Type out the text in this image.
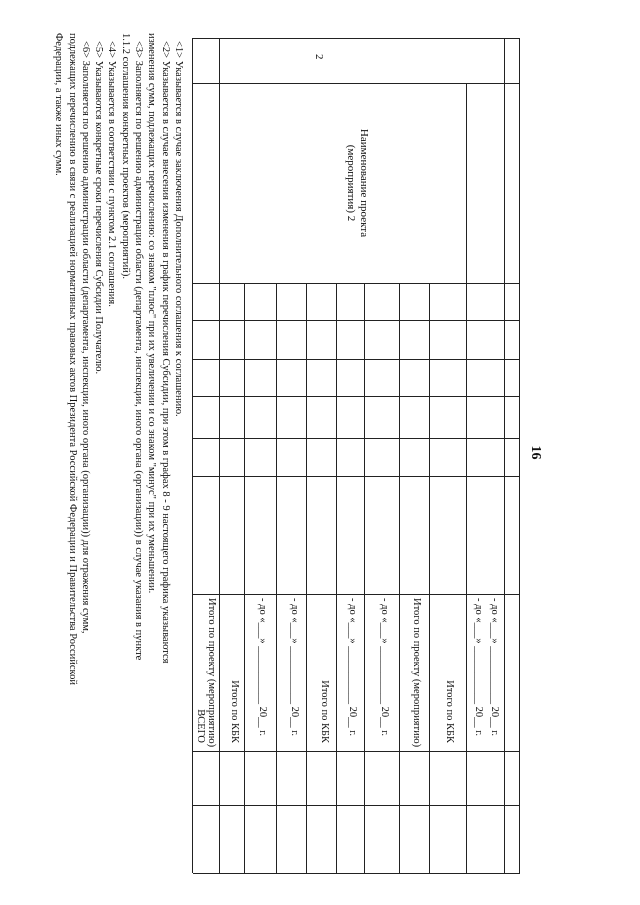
16
2
Наименование проекта
(мероприятия) 2
- до «___» ___________ 20__ г.
- до «___» ___________ 20__ г.
Итого по КБК
Итого по проекту (мероприятию)
- до «___» ___________ 20__ г.
- до «___» ___________ 20__ г.
Итого по КБК
- до «___» ___________ 20__ г.
- до «___» ___________ 20__ г.
Итого по КБК
Итого по проекту (мероприятию)
ВСЕГО
<1> Указывается в случае заключения Дополнительного соглашения к соглашению.
<2> Указывается в случае внесения изменения в график перечисления Субсидии, при этом в графах 8 - 9 настоящего графика указываются
изменения сумм, подлежащих перечислению: со знаком "плюс" при их увеличении и со знаком "минус" при их уменьшении.
<3> Заполняется по решению администрации области (департамента, инспекции, иного органа (организации)) в случае указания в пункте
1.1.2 соглашения конкретных проектов (мероприятий).
<4> Указывается в соответствии с пунктом 2.1 соглашения.
<5> Указываются конкретные сроки перечисления Субсидии Получателю.
<6> Заполняется по решению администрации области (департамента, инспекции, иного органа (организации)) для отражения сумм,
подлежащих перечислению в связи с реализацией нормативных правовых актов Президента Российской Федерации и Правительства Российской
Федерации, а также иных сумм.
